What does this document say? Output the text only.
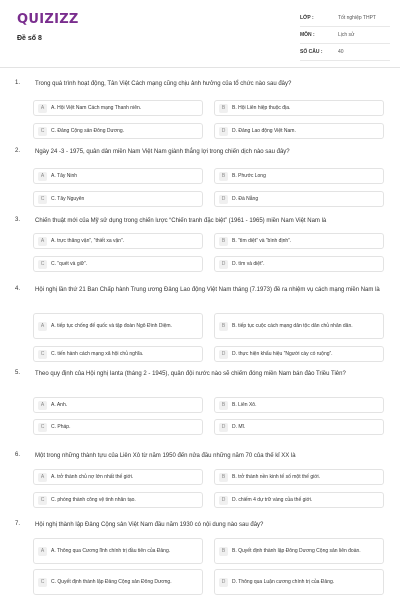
QUIZIZZ
Đề số 8
LỚP :	Tốt nghiệp THPT
MÔN :	Lịch sử
SỐ CÂU :	40
1. Trong quá trình hoạt động, Tân Việt Cách mạng cũng chịu ảnh hưởng của tổ chức nào sau đây?
A	A. Hội Việt Nam Cách mạng Thanh niên.	B	B. Hội Liên hiệp thuộc địa.
C	C. Đảng Cộng sản Đông Dương.	D	D. Đảng Lao động Việt Nam.
2. Ngày 24 -3 - 1975, quân dân miền Nam Việt Nam giành thắng lợi trong chiến dịch nào sau đây?
A	A. Tây Ninh	B	B. Phước Long
C	C. Tây Nguyên	D	D. Đà Nẵng
3. Chiến thuật mới của Mỹ sử dụng trong chiến lược “Chiến tranh đặc biệt” (1961 - 1965) miền Nam Việt Nam là
A	A. trực thăng vận”, “thiết xa vận”.	B	B. “tìm diệt” và “bình định”.
C	C. “quét và giữ”.	D	D. tìm và diệt”.
4. Hội nghị lần thứ 21 Ban Chấp hành Trung ương Đảng Lao động Việt Nam tháng (7.1973) đề ra nhiệm vụ cách mạng miền Nam là
A	A. tiếp tục chống đế quốc và tập đoàn Ngô Đình Diệm.	B	B. tiếp tục cuộc cách mạng dân tộc dân chủ nhân dân.
C	C. tiến hành cách mạng xã hội chủ nghĩa.	D	D. thực hiện khẩu hiệu “Người cày có ruộng”.
5. Theo quy định của Hội nghị Ianta (tháng 2 - 1945), quân đội nước nào sẽ chiếm đóng miền Nam bán đảo Triều Tiên?
A	A. Anh.	B	B. Liên Xô.
C	C. Pháp.	D	D. Mĩ.
6. Một trong những thành tựu của Liên Xô từ năm 1950 đến nửa đầu những năm 70 của thế kỉ XX là
A	A. trở thành chủ nợ lớn nhất thế giới.	B	B. trở thành nền kinh tế số một thế giới.
C	C. phóng thành công vệ tinh nhân tạo.	D	D. chiếm 4 dự trữ vàng của thế giới.
7. Hội nghị thành lập Đảng Cộng sản Việt Nam đầu năm 1930 có nội dung nào sau đây?
A	A. Thông qua Cương lĩnh chính trị đầu tiên của Đảng.	B	B. Quyết định thành lập Đông Dương Cộng sản liên đoàn.
C	C. Quyết định thành lập Đảng Cộng sản Đông Dương.	D	D. Thông qua Luận cương chính trị của Đảng.
